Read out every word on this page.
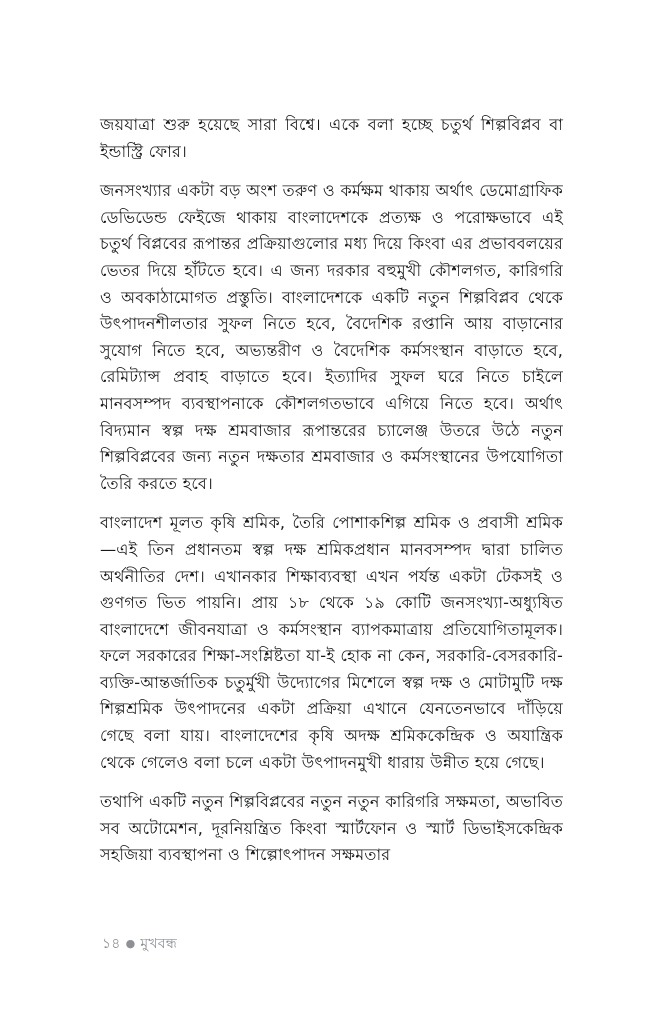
জয়যাত্রা শুরু হয়েছে সারা বিশ্বে। একে বলা হচ্ছে চতুর্থ শিল্পবিপ্লব বা ইন্ডাস্ট্রি ফোর।

জনসংখ্যার একটা বড় অংশ তরুণ ও কর্মক্ষম থাকায় অর্থাৎ ডেমোগ্রাফিক ডেভিডেন্ড ফেইজে থাকায় বাংলাদেশকে প্রত্যক্ষ ও পরোক্ষভাবে এই চতুর্থ বিপ্লবের রূপান্তর প্রক্রিয়াগুলোর মধ্য দিয়ে কিংবা এর প্রভাববলয়ের ভেতর দিয়ে হাঁটতে হবে। এ জন্য দরকার বহুমুখী কৌশলগত, কারিগরি ও অবকাঠামোগত প্রস্তুতি। বাংলাদেশকে একটি নতুন শিল্পবিপ্লব থেকে উৎপাদনশীলতার সুফল নিতে হবে, বৈদেশিক রপ্তানি আয় বাড়ানোর সুযোগ নিতে হবে, অভ্যন্তরীণ ও বৈদেশিক কর্মসংস্থান বাড়াতে হবে, রেমিট্যান্স প্রবাহ বাড়াতে হবে। ইত্যাদির সুফল ঘরে নিতে চাইলে মানবসম্পদ ব্যবস্থাপনাকে কৌশলগতভাবে এগিয়ে নিতে হবে। অর্থাৎ বিদ্যমান স্বল্প দক্ষ শ্রমবাজার রূপান্তরের চ্যালেঞ্জ উতরে উঠে নতুন শিল্পবিপ্লবের জন্য নতুন দক্ষতার শ্রমবাজার ও কর্মসংস্থানের উপযোগিতা তৈরি করতে হবে।

বাংলাদেশ মূলত কৃষি শ্রমিক, তৈরি পোশাকশিল্প শ্রমিক ও প্রবাসী শ্রমিক—এই তিন প্রধানতম স্বল্প দক্ষ শ্রমিকপ্রধান মানবসম্পদ দ্বারা চালিত অর্থনীতির দেশ। এখানকার শিক্ষাব্যবস্থা এখন পর্যন্ত একটা টেকসই ও গুণগত ভিত পায়নি। প্রায় ১৮ থেকে ১৯ কোটি জনসংখ্যা-অধ্যুষিত বাংলাদেশে জীবনযাত্রা ও কর্মসংস্থান ব্যাপকমাত্রায় প্রতিযোগিতামূলক। ফলে সরকারের শিক্ষা-সংশ্লিষ্টতা যা-ই হোক না কেন, সরকারি-বেসরকারি-ব্যক্তি-আন্তর্জাতিক চতুর্মুখী উদ্যোগের মিশেলে স্বল্প দক্ষ ও মোটামুটি দক্ষ শিল্পশ্রমিক উৎপাদনের একটা প্রক্রিয়া এখানে যেনতেনভাবে দাঁড়িয়ে গেছে বলা যায়। বাংলাদেশের কৃষি অদক্ষ শ্রমিককেন্দ্রিক ও অযান্ত্রিক থেকে গেলেও বলা চলে একটা উৎপাদনমুখী ধারায় উন্নীত হয়ে গেছে।

তথাপি একটি নতুন শিল্পবিপ্লবের নতুন নতুন কারিগরি সক্ষমতা, অভাবিত সব অটোমেশন, দূরনিয়ন্ত্রিত কিংবা স্মার্টফোন ও স্মার্ট ডিভাইসকেন্দ্রিক সহজিয়া ব্যবস্থাপনা ও শিল্পোৎপাদন সক্ষমতার

১৪ ● মুখবন্ধ
